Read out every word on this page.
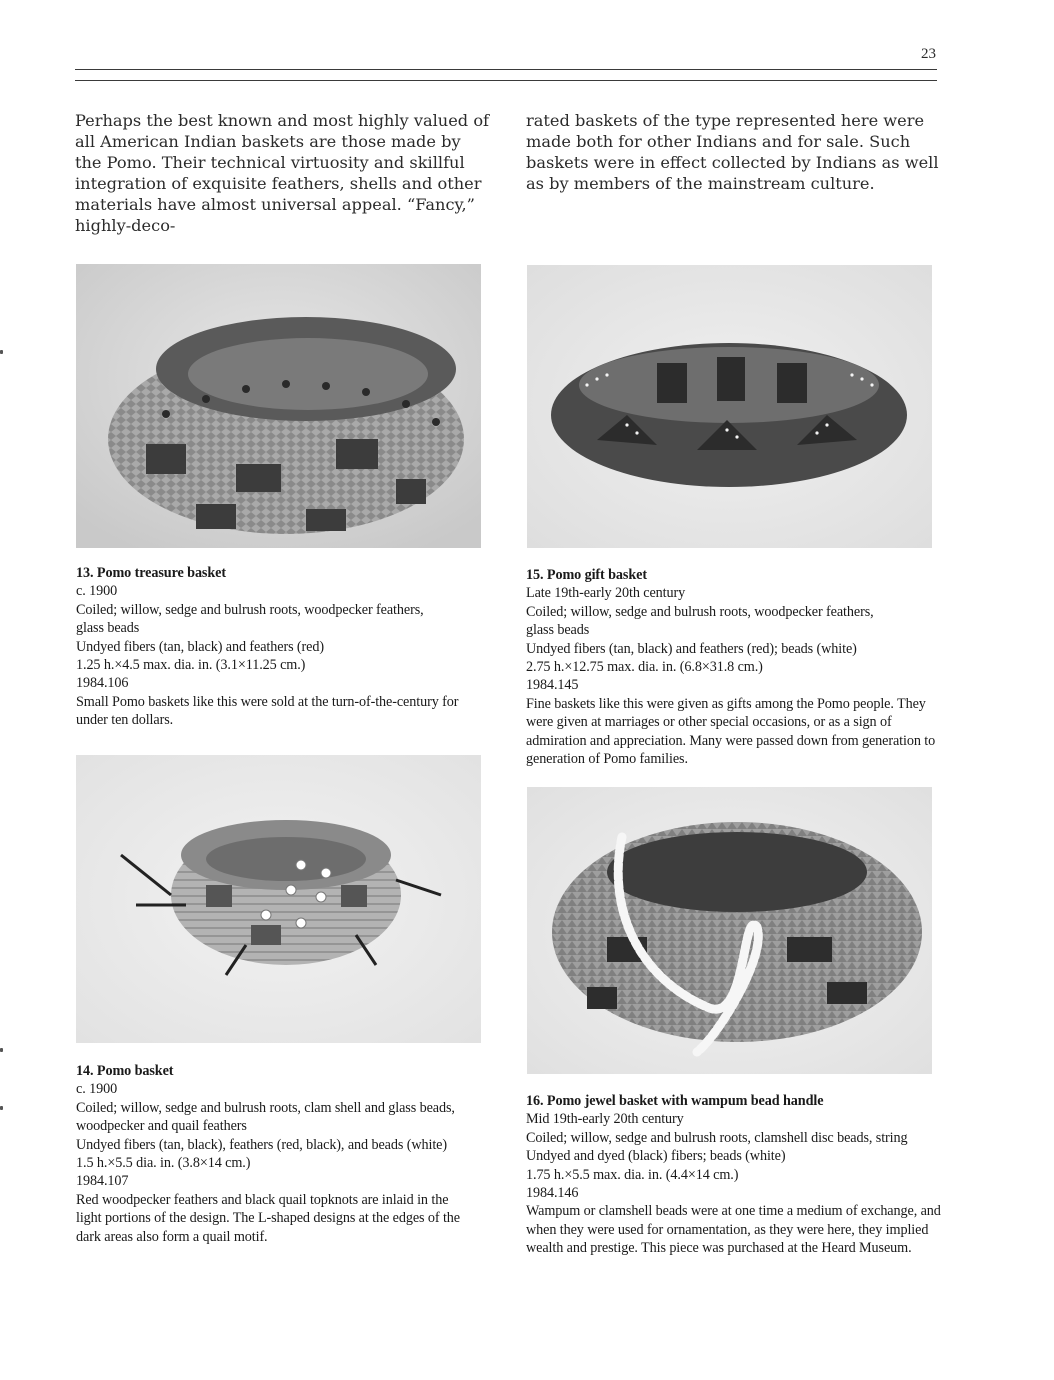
23

Perhaps the best known and most highly valued of all American Indian baskets are those made by the Pomo. Their technical virtuosity and skillful integration of exquisite feathers, shells and other materials have almost universal appeal. “Fancy,” highly-deco-

rated baskets of the type represented here were made both for other Indians and for sale. Such baskets were in effect collected by Indians as well as by members of the mainstream culture.

13. Pomo treasure basket
c. 1900
Coiled; willow, sedge and bulrush roots, woodpecker feathers,
glass beads
Undyed fibers (tan, black) and feathers (red)
1.25 h.×4.5 max. dia. in. (3.1×11.25 cm.)
1984.106
Small Pomo baskets like this were sold at the turn-of-the-century for under ten dollars.
15. Pomo gift basket
Late 19th-early 20th century
Coiled; willow, sedge and bulrush roots, woodpecker feathers,
glass beads
Undyed fibers (tan, black) and feathers (red); beads (white)
2.75 h.×12.75 max. dia. in. (6.8×31.8 cm.)
1984.145
Fine baskets like this were given as gifts among the Pomo people. They were given at marriages or other special occasions, or as a sign of admiration and appreciation. Many were passed down from generation to generation of Pomo families.
14. Pomo basket
c. 1900
Coiled; willow, sedge and bulrush roots, clam shell and glass beads,
woodpecker and quail feathers
Undyed fibers (tan, black), feathers (red, black), and beads (white)
1.5 h.×5.5 dia. in. (3.8×14 cm.)
1984.107
Red woodpecker feathers and black quail topknots are inlaid in the light portions of the design. The L-shaped designs at the edges of the dark areas also form a quail motif.
16. Pomo jewel basket with wampum bead handle
Mid 19th-early 20th century
Coiled; willow, sedge and bulrush roots, clamshell disc beads, string
Undyed and dyed (black) fibers; beads (white)
1.75 h.×5.5 max. dia. in. (4.4×14 cm.)
1984.146
Wampum or clamshell beads were at one time a medium of exchange, and when they were used for ornamentation, as they were here, they implied wealth and prestige. This piece was purchased at the Heard Museum.
